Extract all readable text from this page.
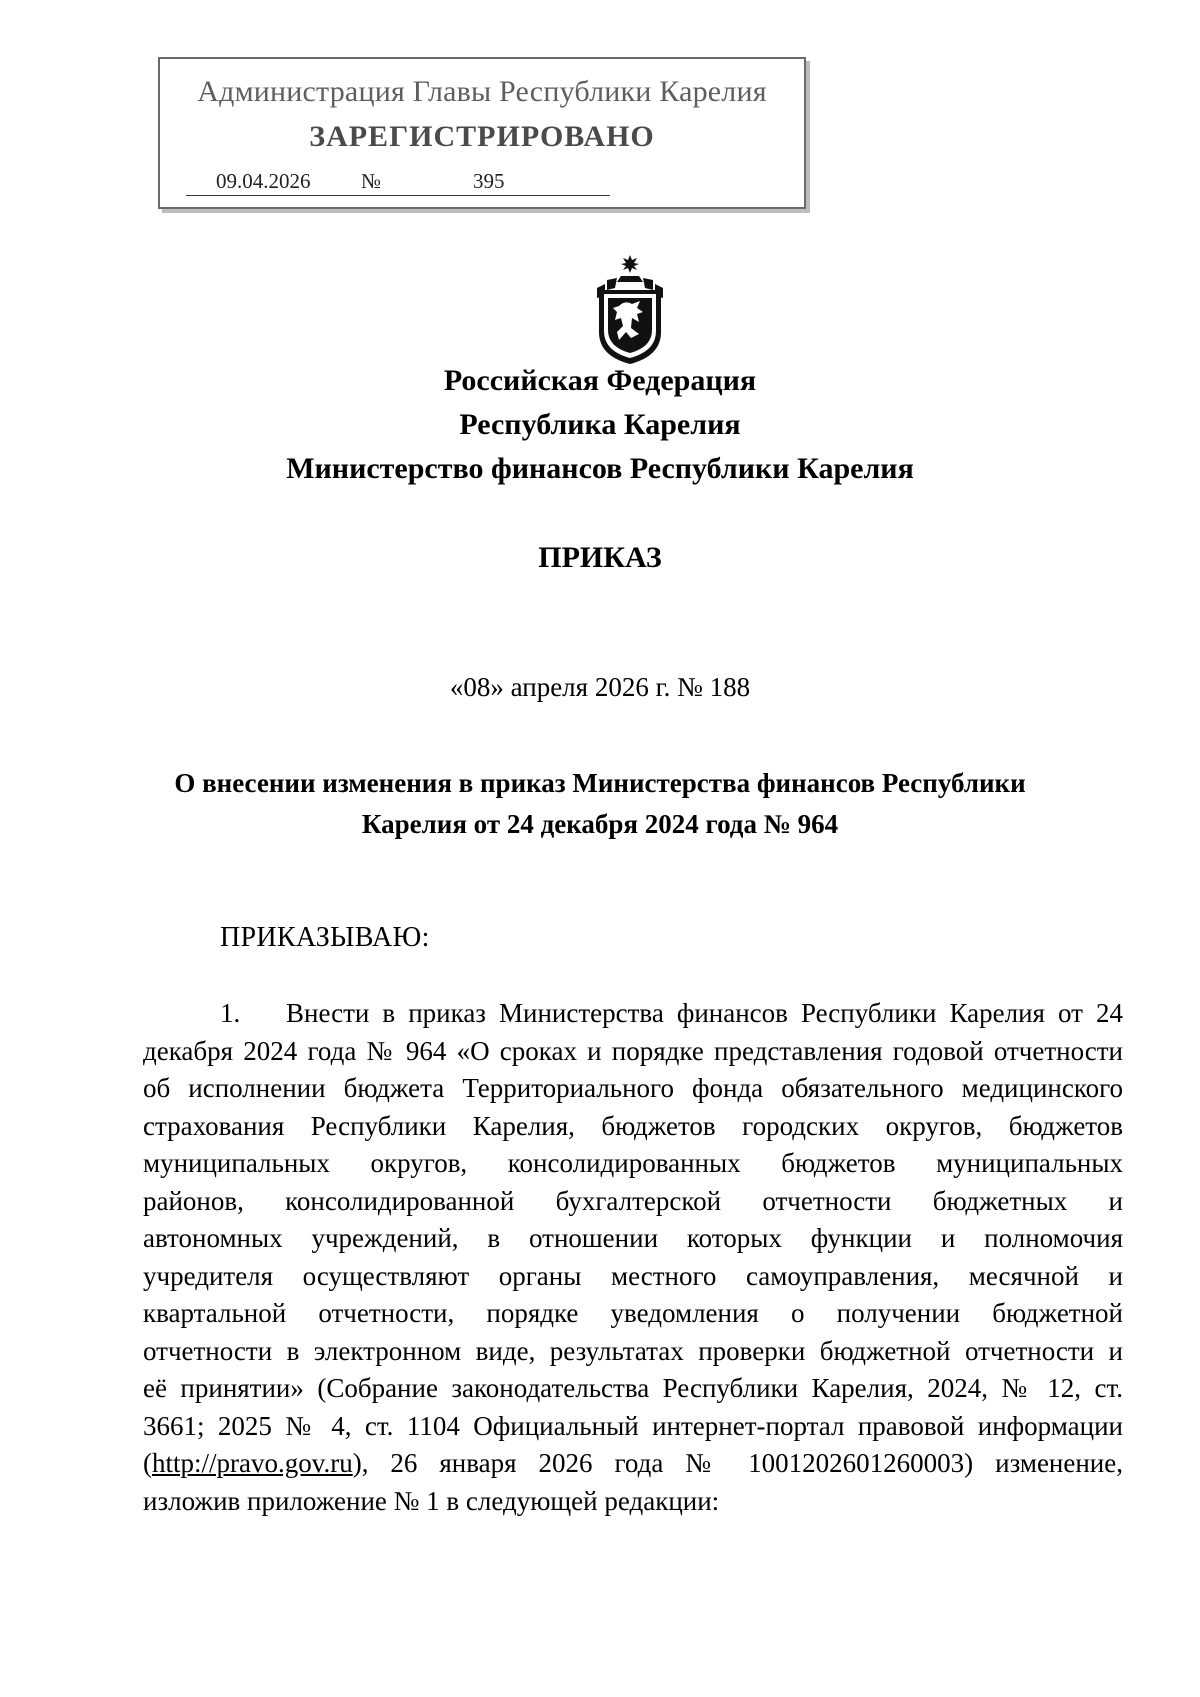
Администрация Главы Республики Карелия
ЗАРЕГИСТРИРОВАНО
09.04.2026 №	395
Российская Федерация
Республика Карелия
Министерство финансов Республики Карелия
ПРИКАЗ
«08» апреля 2026 г. № 188
О внесении изменения в приказ Министерства финансов Республики
Карелия от 24 декабря 2024 года № 964
ПРИКАЗЫВАЮ:
1. Внести в приказ Министерства финансов Республики Карелия от 24
декабря 2024 года № 964 «О сроках и порядке представления годовой отчетности
об исполнении бюджета Территориального фонда обязательного медицинского
страхования Республики Карелия, бюджетов городских округов, бюджетов
муниципальных округов, консолидированных бюджетов муниципальных
районов, консолидированной бухгалтерской отчетности бюджетных и
автономных учреждений, в отношении которых функции и полномочия
учредителя осуществляют органы местного самоуправления, месячной и
квартальной отчетности, порядке уведомления о получении бюджетной
отчетности в электронном виде, результатах проверки бюджетной отчетности и
её принятии» (Собрание законодательства Республики Карелия, 2024, № 12, ст.
3661; 2025 № 4, ст. 1104 Официальный интернет-портал правовой информации
(http://pravo.gov.ru), 26 января 2026 года № 1001202601260003) изменение,
изложив приложение № 1 в следующей редакции:
